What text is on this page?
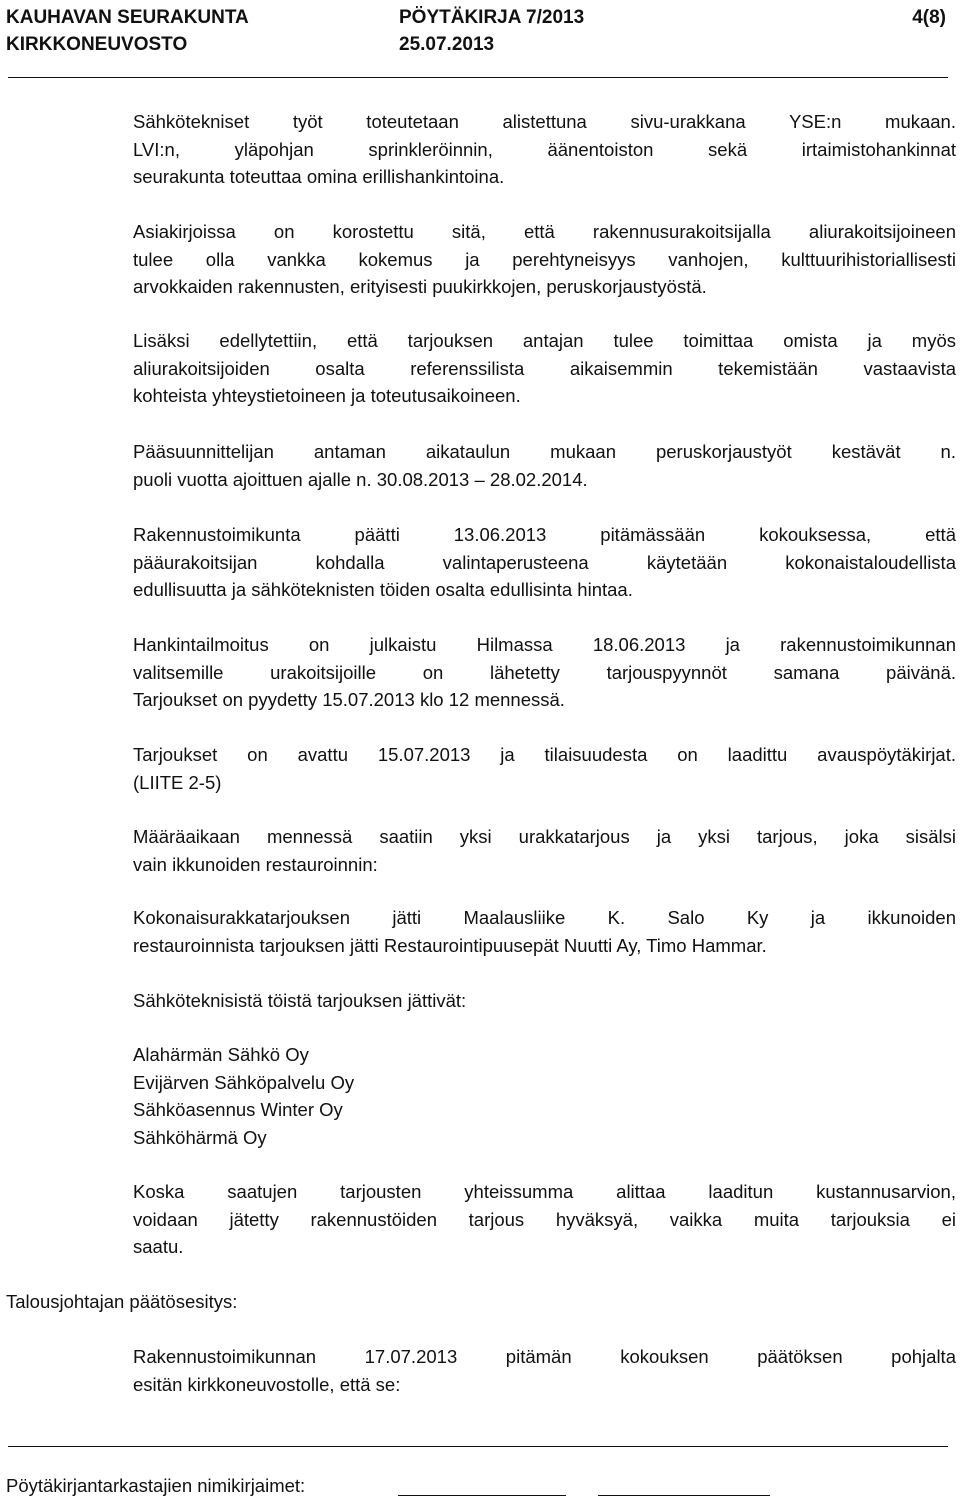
KAUHAVAN SEURAKUNTA	PÖYTÄKIRJA 7/2013	4(8)
KIRKKONEUVOSTO	25.07.2013
Sähkötekniset työt toteutetaan alistettuna sivu-urakkana YSE:n mukaan.
LVI:n, yläpohjan sprinkleröinnin, äänentoiston sekä irtaimistohankinnat
seurakunta toteuttaa omina erillishankintoina.
Asiakirjoissa on korostettu sitä, että rakennusurakoitsijalla aliurakoitsijoineen
tulee olla vankka kokemus ja perehtyneisyys vanhojen, kulttuurihistoriallisesti
arvokkaiden rakennusten, erityisesti puukirkkojen, peruskorjaustyöstä.
Lisäksi edellytettiin, että tarjouksen antajan tulee toimittaa omista ja myös
aliurakoitsijoiden osalta referenssilista aikaisemmin tekemistään vastaavista
kohteista yhteystietoineen ja toteutusaikoineen.
Pääsuunnittelijan antaman aikataulun mukaan peruskorjaustyöt kestävät n.
puoli vuotta ajoittuen ajalle n. 30.08.2013 – 28.02.2014.
Rakennustoimikunta päätti 13.06.2013 pitämässään kokouksessa, että
pääurakoitsijan kohdalla valintaperusteena käytetään kokonaistaloudellista
edullisuutta ja sähköteknisten töiden osalta edullisinta hintaa.
Hankintailmoitus on julkaistu Hilmassa 18.06.2013 ja rakennustoimikunnan
valitsemille urakoitsijoille on lähetetty tarjouspyynnöt samana päivänä.
Tarjoukset on pyydetty 15.07.2013 klo 12 mennessä.
Tarjoukset on avattu 15.07.2013 ja tilaisuudesta on laadittu avauspöytäkirjat.
(LIITE 2-5)
Määräaikaan mennessä saatiin yksi urakkatarjous ja yksi tarjous, joka sisälsi
vain ikkunoiden restauroinnin:
Kokonaisurakkatarjouksen jätti Maalausliike K. Salo Ky ja ikkunoiden
restauroinnista tarjouksen jätti Restaurointipuusepät Nuutti Ay, Timo Hammar.
Sähköteknisistä töistä tarjouksen jättivät:
Alahärmän Sähkö Oy
Evijärven Sähköpalvelu Oy
Sähköasennus Winter Oy
Sähköhärmä Oy
Koska saatujen tarjousten yhteissumma alittaa laaditun kustannusarvion,
voidaan jätetty rakennustöiden tarjous hyväksyä, vaikka muita tarjouksia ei
saatu.
Talousjohtajan päätösesitys:
Rakennustoimikunnan 17.07.2013 pitämän kokouksen päätöksen pohjalta
esitän kirkkoneuvostolle, että se:
Pöytäkirjantarkastajien nimikirjaimet:
